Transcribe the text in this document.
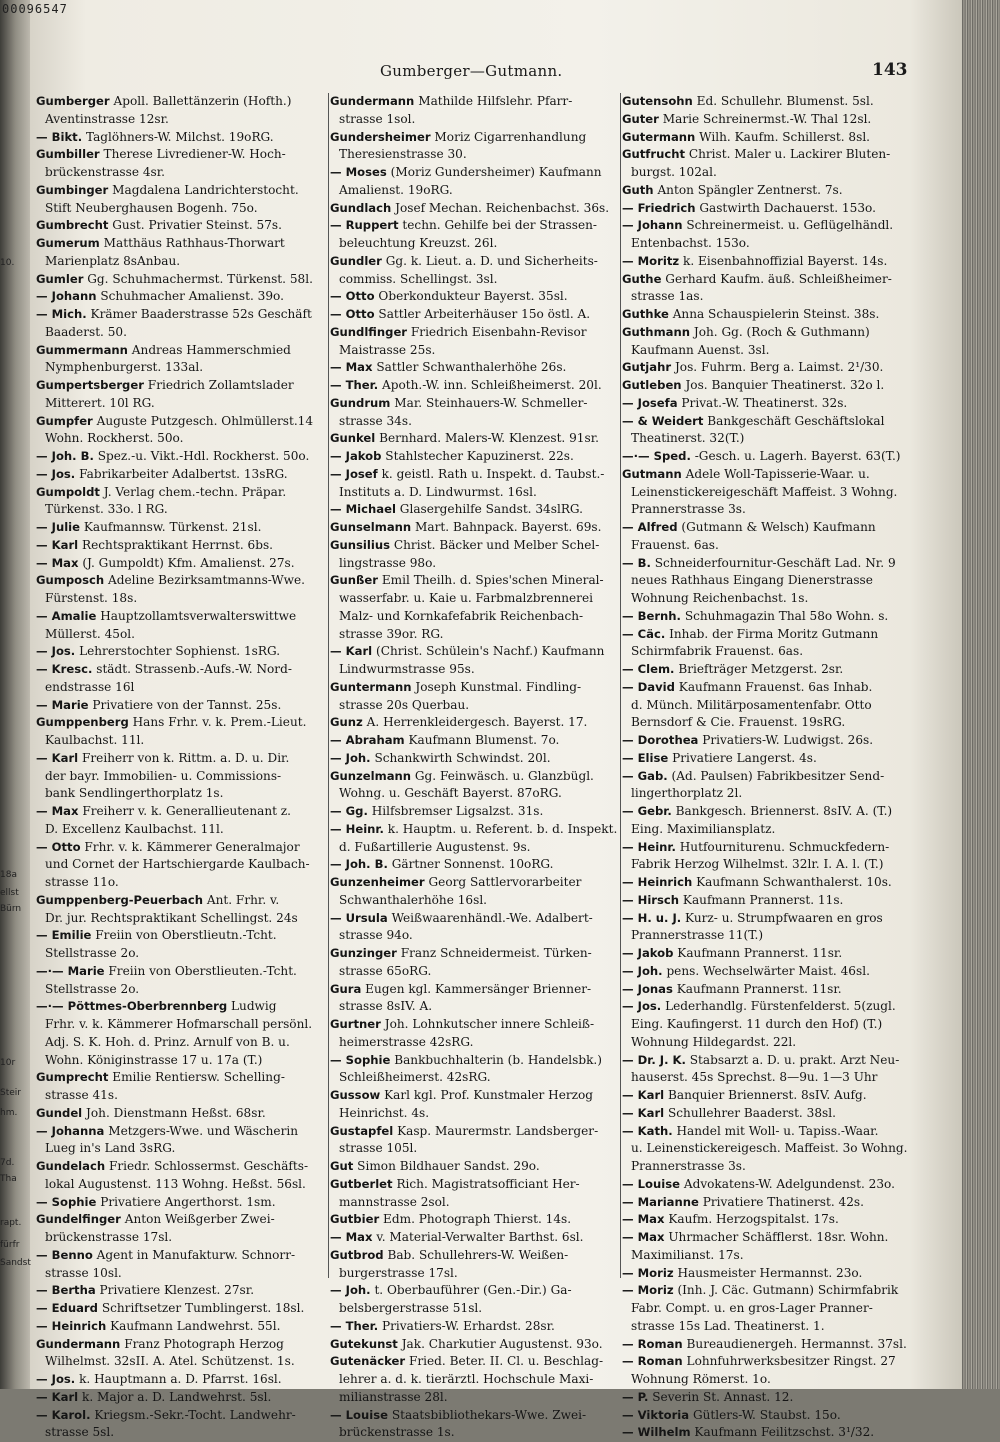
00096547
Gumberger—Gutmann.	143
Gumberger Apoll. Ballettänzerin (Hofth.)
Aventinstrasse 12sr.
— Bikt. Taglöhners-W. Milchst. 19oRG.
Gumbiller Therese Livrediener-W. Hoch-
brückenstrasse 4sr.
Gumbinger Magdalena Landrichterstocht.
Stift Neuberghausen Bogenh. 75o.
Gumbrecht Gust. Privatier Steinst. 57s.
Gumerum Matthäus Rathhaus-Thorwart
Marienplatz 8sAnbau.
Gumler Gg. Schuhmachermst. Türkenst. 58l.
— Johann Schuhmacher Amalienst. 39o.
— Mich. Krämer Baaderstrasse 52s Geschäft
Baaderst. 50.
Gummermann Andreas Hammerschmied
Nymphenburgerst. 133al.
Gumpertsberger Friedrich Zollamtslader
Mitterert. 10l RG.
Gumpfer Auguste Putzgesch. Ohlmüllerst.14
Wohn. Rockherst. 50o.
— Joh. B. Spez.-u. Vikt.-Hdl. Rockherst. 50o.
— Jos. Fabrikarbeiter Adalbertst. 13sRG.
Gumpoldt J. Verlag chem.-techn. Präpar.
Türkenst. 33o. l RG.
— Julie Kaufmannsw. Türkenst. 21sl.
— Karl Rechtspraktikant Herrnst. 6bs.
— Max (J. Gumpoldt) Kfm. Amalienst. 27s.
Gumposch Adeline Bezirksamtmanns-Wwe.
Fürstenst. 18s.
— Amalie Hauptzollamtsverwalterswittwe
Müllerst. 45ol.
— Jos. Lehrerstochter Sophienst. 1sRG.
— Kresc. städt. Strassenb.-Aufs.-W. Nord-
endstrasse 16l
— Marie Privatiere von der Tannst. 25s.
Gumppenberg Hans Frhr. v. k. Prem.-Lieut.
Kaulbachst. 11l.
— Karl Freiherr von k. Rittm. a. D. u. Dir.
der bayr. Immobilien- u. Commissions-
bank Sendlingerthorplatz 1s.
— Max Freiherr v. k. Generallieutenant z.
D. Excellenz Kaulbachst. 11l.
— Otto Frhr. v. k. Kämmerer Generalmajor
und Cornet der Hartschiergarde Kaulbach-
strasse 11o.
Gumppenberg-Peuerbach Ant. Frhr. v.
Dr. jur. Rechtspraktikant Schellingst. 24s
— Emilie Freiin von Oberstlieutn.-Tcht.
Stellstrasse 2o.
—·— Marie Freiin von Oberstlieuten.-Tcht.
Stellstrasse 2o.
—·— Pöttmes-Oberbrennberg Ludwig
Frhr. v. k. Kämmerer Hofmarschall persönl.
Adj. S. K. Hoh. d. Prinz. Arnulf von B. u.
Wohn. Königinstrasse 17 u. 17a (T.)
Gumprecht Emilie Rentiersw. Schelling-
strasse 41s.
Gundel Joh. Dienstmann Heßst. 68sr.
— Johanna Metzgers-Wwe. und Wäscherin
Lueg in's Land 3sRG.
Gundelach Friedr. Schlossermst. Geschäfts-
lokal Augustenst. 113 Wohng. Heßst. 56sl.
— Sophie Privatiere Angerthorst. 1sm.
Gundelfinger Anton Weißgerber Zwei-
brückenstrasse 17sl.
— Benno Agent in Manufakturw. Schnorr-
strasse 10sl.
— Bertha Privatiere Klenzest. 27sr.
— Eduard Schriftsetzer Tumblingerst. 18sl.
— Heinrich Kaufmann Landwehrst. 55l.
Gundermann Franz Photograph Herzog
Wilhelmst. 32sII. A. Atel. Schützenst. 1s.
— Jos. k. Hauptmann a. D. Pfarrst. 16sl.
— Karl k. Major a. D. Landwehrst. 5sl.
— Karol. Kriegsm.-Sekr.-Tocht. Landwehr-
strasse 5sl.
Gundermann Mathilde Hilfslehr. Pfarr-
strasse 1sol.
Gundersheimer Moriz Cigarrenhandlung
Theresienstrasse 30.
— Moses (Moriz Gundersheimer) Kaufmann
Amalienst. 19oRG.
Gundlach Josef Mechan. Reichenbachst. 36s.
— Ruppert techn. Gehilfe bei der Strassen-
beleuchtung Kreuzst. 26l.
Gundler Gg. k. Lieut. a. D. und Sicherheits-
commiss. Schellingst. 3sl.
— Otto Oberkondukteur Bayerst. 35sl.
— Otto Sattler Arbeiterhäuser 15o östl. A.
Gundlfinger Friedrich Eisenbahn-Revisor
Maistrasse 25s.
— Max Sattler Schwanthalerhöhe 26s.
— Ther. Apoth.-W. inn. Schleißheimerst. 20l.
Gundrum Mar. Steinhauers-W. Schmeller-
strasse 34s.
Gunkel Bernhard. Malers-W. Klenzest. 91sr.
— Jakob Stahlstecher Kapuzinerst. 22s.
— Josef k. geistl. Rath u. Inspekt. d. Taubst.-
Instituts a. D. Lindwurmst. 16sl.
— Michael Glasergehilfe Sandst. 34slRG.
Gunselmann Mart. Bahnpack. Bayerst. 69s.
Gunsilius Christ. Bäcker und Melber Schel-
lingstrasse 98o.
Gunßer Emil Theilh. d. Spies'schen Mineral-
wasserfabr. u. Kaie u. Farbmalzbrennerei
Malz- und Kornkafefabrik Reichenbach-
strasse 39or. RG.
— Karl (Christ. Schülein's Nachf.) Kaufmann
Lindwurmstrasse 95s.
Guntermann Joseph Kunstmal. Findling-
strasse 20s Querbau.
Gunz A. Herrenkleidergesch. Bayerst. 17.
— Abraham Kaufmann Blumenst. 7o.
— Joh. Schankwirth Schwindst. 20l.
Gunzelmann Gg. Feinwäsch. u. Glanzbügl.
Wohng. u. Geschäft Bayerst. 87oRG.
— Gg. Hilfsbremser Ligsalzst. 31s.
— Heinr. k. Hauptm. u. Referent. b. d. Inspekt.
d. Fußartillerie Augustenst. 9s.
— Joh. B. Gärtner Sonnenst. 10oRG.
Gunzenheimer Georg Sattlervorarbeiter
Schwanthalerhöhe 16sl.
— Ursula Weißwaarenhändl.-We. Adalbert-
strasse 94o.
Gunzinger Franz Schneidermeist. Türken-
strasse 65oRG.
Gura Eugen kgl. Kammersänger Brienner-
strasse 8sIV. A.
Gurtner Joh. Lohnkutscher innere Schleiß-
heimerstrasse 42sRG.
— Sophie Bankbuchhalterin (b. Handelsbk.)
Schleißheimerst. 42sRG.
Gussow Karl kgl. Prof. Kunstmaler Herzog
Heinrichst. 4s.
Gustapfel Kasp. Maurermstr. Landsberger-
strasse 105l.
Gut Simon Bildhauer Sandst. 29o.
Gutberlet Rich. Magistratsofficiant Her-
mannstrasse 2sol.
Gutbier Edm. Photograph Thierst. 14s.
— Max v. Material-Verwalter Barthst. 6sl.
Gutbrod Bab. Schullehrers-W. Weißen-
burgerstrasse 17sl.
— Joh. t. Oberbauführer (Gen.-Dir.) Ga-
belsbergerstrasse 51sl.
— Ther. Privatiers-W. Erhardst. 28sr.
Gutekunst Jak. Charkutier Augustenst. 93o.
Gutenäcker Fried. Beter. II. Cl. u. Beschlag-
lehrer a. d. k. tierärztl. Hochschule Maxi-
milianstrasse 28l.
— Louise Staatsbibliothekars-Wwe. Zwei-
brückenstrasse 1s.
Gutensohn Ed. Schullehr. Blumenst. 5sl.
Guter Marie Schreinermst.-W. Thal 12sl.
Gutermann Wilh. Kaufm. Schillerst. 8sl.
Gutfrucht Christ. Maler u. Lackirer Bluten-
burgst. 102al.
Guth Anton Spängler Zentnerst. 7s.
— Friedrich Gastwirth Dachauerst. 153o.
— Johann Schreinermeist. u. Geflügelhändl.
Entenbachst. 153o.
— Moritz k. Eisenbahnoffizial Bayerst. 14s.
Guthe Gerhard Kaufm. äuß. Schleißheimer-
strasse 1as.
Guthke Anna Schauspielerin Steinst. 38s.
Guthmann Joh. Gg. (Roch & Guthmann)
Kaufmann Auenst. 3sl.
Gutjahr Jos. Fuhrm. Berg a. Laimst. 2¹/30.
Gutleben Jos. Banquier Theatinerst. 32o l.
— Josefa Privat.-W. Theatinerst. 32s.
— & Weidert Bankgeschäft Geschäftslokal
Theatinerst. 32(T.)
—·— Sped. -Gesch. u. Lagerh. Bayerst. 63(T.)
Gutmann Adele Woll-Tapisserie-Waar. u.
Leinenstickereigeschäft Maffeist. 3 Wohng.
Prannerstrasse 3s.
— Alfred (Gutmann & Welsch) Kaufmann
Frauenst. 6as.
— B. Schneiderfournitur-Geschäft Lad. Nr. 9
neues Rathhaus Eingang Dienerstrasse
Wohnung Reichenbachst. 1s.
— Bernh. Schuhmagazin Thal 58o Wohn. s.
— Cäc. Inhab. der Firma Moritz Gutmann
Schirmfabrik Frauenst. 6as.
— Clem. Briefträger Metzgerst. 2sr.
— David Kaufmann Frauenst. 6as Inhab.
d. Münch. Militärposamentenfabr. Otto
Bernsdorf & Cie. Frauenst. 19sRG.
— Dorothea Privatiers-W. Ludwigst. 26s.
— Elise Privatiere Langerst. 4s.
— Gab. (Ad. Paulsen) Fabrikbesitzer Send-
lingerthorplatz 2l.
— Gebr. Bankgesch. Briennerst. 8sIV. A. (T.)
Eing. Maximiliansplatz.
— Heinr. Hutfourniturenu. Schmuckfedern-
Fabrik Herzog Wilhelmst. 32lr. I. A. l. (T.)
— Heinrich Kaufmann Schwanthalerst. 10s.
— Hirsch Kaufmann Prannerst. 11s.
— H. u. J. Kurz- u. Strumpfwaaren en gros
Prannerstrasse 11(T.)
— Jakob Kaufmann Prannerst. 11sr.
— Joh. pens. Wechselwärter Maist. 46sl.
— Jonas Kaufmann Prannerst. 11sr.
— Jos. Lederhandlg. Fürstenfelderst. 5(zugl.
Eing. Kaufingerst. 11 durch den Hof) (T.)
Wohnung Hildegardst. 22l.
— Dr. J. K. Stabsarzt a. D. u. prakt. Arzt Neu-
hauserst. 45s Sprechst. 8—9u. 1—3 Uhr
— Karl Banquier Briennerst. 8sIV. Aufg.
— Karl Schullehrer Baaderst. 38sl.
— Kath. Handel mit Woll- u. Tapiss.-Waar.
u. Leinenstickereigesch. Maffeist. 3o Wohng.
Prannerstrasse 3s.
— Louise Advokatens-W. Adelgundenst. 23o.
— Marianne Privatiere Thatinerst. 42s.
— Max Kaufm. Herzogspitalst. 17s.
— Max Uhrmacher Schäfflerst. 18sr. Wohn.
Maximilianst. 17s.
— Moriz Hausmeister Hermannst. 23o.
— Moriz (Inh. J. Cäc. Gutmann) Schirmfabrik
Fabr. Compt. u. en gros-Lager Pranner-
strasse 15s Lad. Theatinerst. 1.
— Roman Bureaudienergeh. Hermannst. 37sl.
— Roman Lohnfuhrwerksbesitzer Ringst. 27
Wohnung Römerst. 1o.
— P. Severin St. Annast. 12.
— Viktoria Gütlers-W. Staubst. 15o.
— Wilhelm Kaufmann Feilitzschst. 3¹/32.
10.
18a
ellst
Bürn
10r
Steir
hm.
7d.
Tha
rapt.
fürfr
Sandst
